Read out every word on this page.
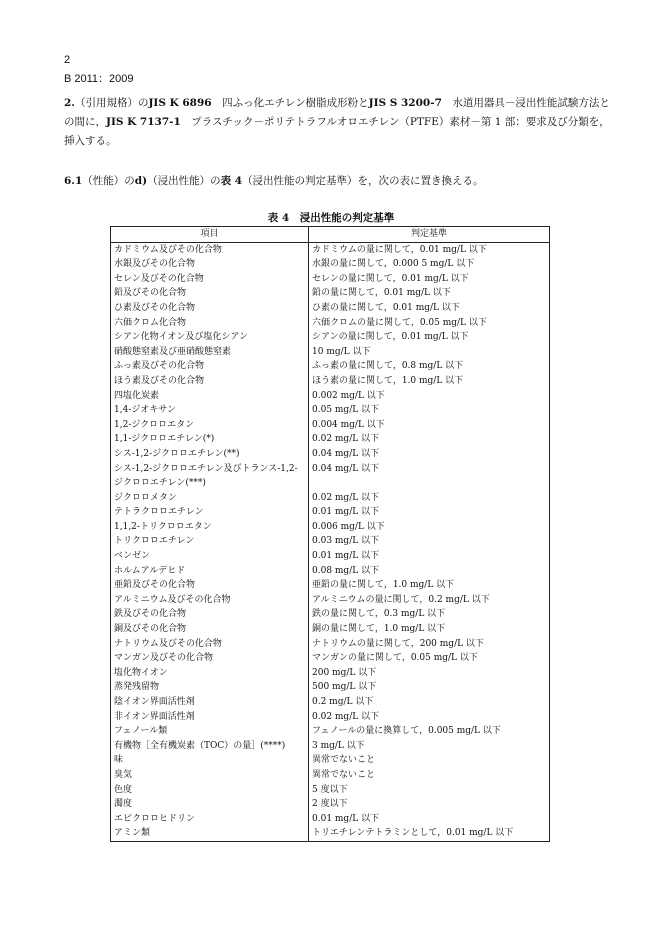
2
B 2011：2009
2.（引用規格）のJIS K 6896　 四ふっ化エチレン樹脂成形粉とJIS S 3200-7　 水道用器具－浸出性能試験方法との間に，JIS K 7137-1　 プラスチック－ポリテトラフルオロエチレン（PTFE）素材－第 1 部：要求及び分類を，挿入する。
6.1（性能）のd)（浸出性能）の表 4（浸出性能の判定基準）を，次の表に置き換える。
表 4　浸出性能の判定基準
項目	判定基準
カドミウム及びその化合物	カドミウムの量に関して，0.01 mg/L 以下
水銀及びその化合物	水銀の量に関して，0.000 5 mg/L 以下
セレン及びその化合物	セレンの量に関して，0.01 mg/L 以下
鉛及びその化合物	鉛の量に関して，0.01 mg/L 以下
ひ素及びその化合物	ひ素の量に関して，0.01 mg/L 以下
六価クロム化合物	六価クロムの量に関して，0.05 mg/L 以下
シアン化物イオン及び塩化シアン	シアンの量に関して，0.01 mg/L 以下
硝酸態窒素及び亜硝酸態窒素	10 mg/L 以下
ふっ素及びその化合物	ふっ素の量に関して，0.8 mg/L 以下
ほう素及びその化合物	ほう素の量に関して，1.0 mg/L 以下
四塩化炭素	0.002 mg/L 以下
1,4-ジオキサン	0.05 mg/L 以下
1,2-ジクロロエタン	0.004 mg/L 以下
1,1-ジクロロエチレン(*)	0.02 mg/L 以下
シス-1,2-ジクロロエチレン(**)	0.04 mg/L 以下
シス-1,2-ジクロロエチレン及びトランス-1,2-ジクロロエチレン(***)	0.04 mg/L 以下
ジクロロメタン	0.02 mg/L 以下
テトラクロロエチレン	0.01 mg/L 以下
1,1,2-トリクロロエタン	0.006 mg/L 以下
トリクロロエチレン	0.03 mg/L 以下
ベンゼン	0.01 mg/L 以下
ホルムアルデヒド	0.08 mg/L 以下
亜鉛及びその化合物	亜鉛の量に関して，1.0 mg/L 以下
アルミニウム及びその化合物	アルミニウムの量に関して，0.2 mg/L 以下
鉄及びその化合物	鉄の量に関して，0.3 mg/L 以下
銅及びその化合物	銅の量に関して，1.0 mg/L 以下
ナトリウム及びその化合物	ナトリウムの量に関して，200 mg/L 以下
マンガン及びその化合物	マンガンの量に関して，0.05 mg/L 以下
塩化物イオン	200 mg/L 以下
蒸発残留物	500 mg/L 以下
陰イオン界面活性剤	0.2 mg/L 以下
非イオン界面活性剤	0.02 mg/L 以下
フェノール類	フェノールの量に換算して，0.005 mg/L 以下
有機物［全有機炭素（TOC）の量］(****)	3 mg/L 以下
味	異常でないこと
臭気	異常でないこと
色度	5 度以下
濁度	2 度以下
エピクロロヒドリン	0.01 mg/L 以下
アミン類	トリエチレンテトラミンとして，0.01 mg/L 以下
